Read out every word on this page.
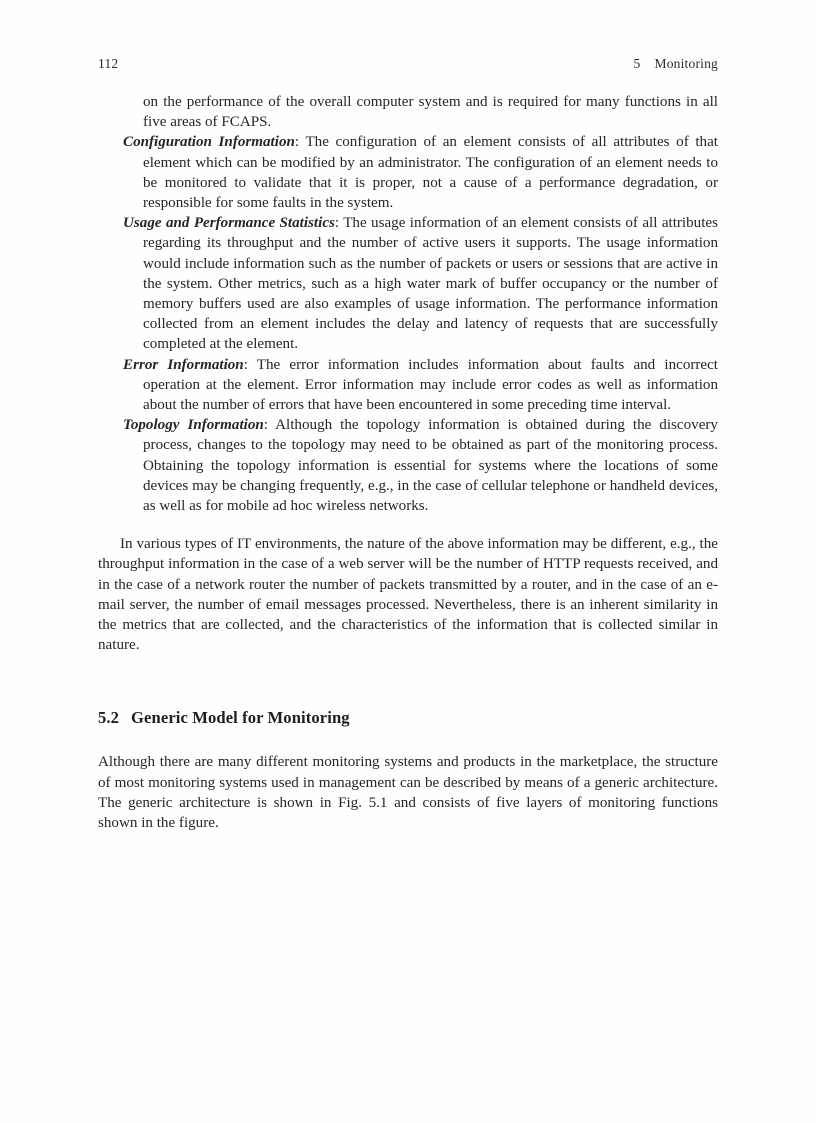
112	5 Monitoring

on the performance of the overall computer system and is required for many functions in all five areas of FCAPS.

Configuration Information: The configuration of an element consists of all attributes of that element which can be modified by an administrator. The configuration of an element needs to be monitored to validate that it is proper, not a cause of a performance degradation, or responsible for some faults in the system.

Usage and Performance Statistics: The usage information of an element consists of all attributes regarding its throughput and the number of active users it supports. The usage information would include information such as the number of packets or users or sessions that are active in the system. Other metrics, such as a high water mark of buffer occupancy or the number of memory buffers used are also examples of usage information. The performance information collected from an element includes the delay and latency of requests that are successfully completed at the element.

Error Information: The error information includes information about faults and incorrect operation at the element. Error information may include error codes as well as information about the number of errors that have been encountered in some preceding time interval.

Topology Information: Although the topology information is obtained during the discovery process, changes to the topology may need to be obtained as part of the monitoring process. Obtaining the topology information is essential for systems where the locations of some devices may be changing frequently, e.g., in the case of cellular telephone or handheld devices, as well as for mobile ad hoc wireless networks.

In various types of IT environments, the nature of the above information may be different, e.g., the throughput information in the case of a web server will be the number of HTTP requests received, and in the case of a network router the number of packets transmitted by a router, and in the case of an e-mail server, the number of email messages processed. Nevertheless, there is an inherent similarity in the metrics that are collected, and the characteristics of the information that is collected similar in nature.

5.2 Generic Model for Monitoring

Although there are many different monitoring systems and products in the marketplace, the structure of most monitoring systems used in management can be described by means of a generic architecture. The generic architecture is shown in Fig. 5.1 and consists of five layers of monitoring functions shown in the figure.
